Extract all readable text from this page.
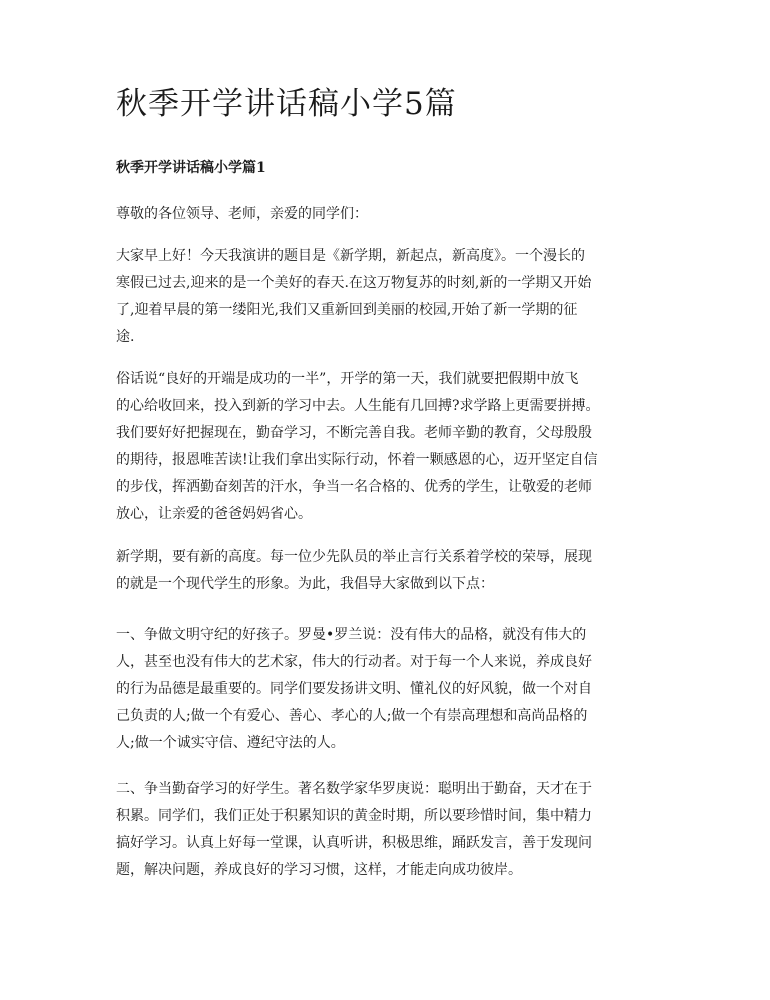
秋季开学讲话稿小学5篇
秋季开学讲话稿小学篇1

尊敬的各位领导、老师，亲爱的同学们：

大家早上好！今天我演讲的题目是《新学期，新起点，新高度》。一个漫长的
寒假已过去,迎来的是一个美好的春天.在这万物复苏的时刻,新的一学期又开始
了,迎着早晨的第一缕阳光,我们又重新回到美丽的校园,开始了新一学期的征
途.

俗话说“良好的开端是成功的一半”，开学的第一天，我们就要把假期中放飞
的心给收回来，投入到新的学习中去。人生能有几回搏?求学路上更需要拼搏。
我们要好好把握现在，勤奋学习，不断完善自我。老师辛勤的教育，父母殷殷
的期待，报恩唯苦读!让我们拿出实际行动，怀着一颗感恩的心，迈开坚定自信
的步伐，挥洒勤奋刻苦的汗水，争当一名合格的、优秀的学生，让敬爱的老师
放心，让亲爱的爸爸妈妈省心。

新学期，要有新的高度。每一位少先队员的举止言行关系着学校的荣辱，展现
的就是一个现代学生的形象。为此，我倡导大家做到以下点：

一、争做文明守纪的好孩子。罗曼•罗兰说：没有伟大的品格，就没有伟大的
人，甚至也没有伟大的艺术家，伟大的行动者。对于每一个人来说，养成良好
的行为品德是最重要的。同学们要发扬讲文明、懂礼仪的好风貌，做一个对自
己负责的人;做一个有爱心、善心、孝心的人;做一个有崇高理想和高尚品格的
人;做一个诚实守信、遵纪守法的人。

二、争当勤奋学习的好学生。著名数学家华罗庚说：聪明出于勤奋，天才在于
积累。同学们，我们正处于积累知识的黄金时期，所以要珍惜时间，集中精力
搞好学习。认真上好每一堂课，认真听讲，积极思维，踊跃发言，善于发现问
题，解决问题，养成良好的学习习惯，这样，才能走向成功彼岸。
